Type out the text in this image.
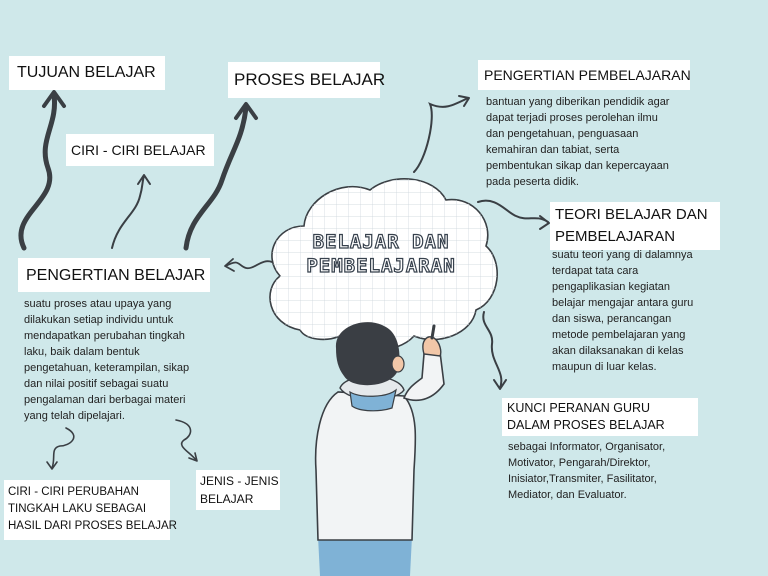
BELAJAR DAN
PEMBELAJARAN
TUJUAN BELAJAR	PROSES BELAJAR
CIRI - CIRI BELAJAR
PENGERTIAN BELAJAR
suatu proses atau upaya yang
dilakukan setiap individu untuk
mendapatkan perubahan tingkah
laku, baik dalam bentuk
pengetahuan, keterampilan, sikap
dan nilai positif sebagai suatu
pengalaman dari berbagai materi
yang telah dipelajari.
CIRI - CIRI PERUBAHAN
TINGKAH LAKU SEBAGAI
HASIL DARI PROSES BELAJAR
JENIS - JENIS
BELAJAR
PENGERTIAN PEMBELAJARAN
bantuan yang diberikan pendidik agar
dapat terjadi proses perolehan ilmu
dan pengetahuan, penguasaan
kemahiran dan tabiat, serta
pembentukan sikap dan kepercayaan
pada peserta didik.
TEORI BELAJAR DAN
PEMBELAJARAN
suatu teori yang di dalamnya
terdapat tata cara
pengaplikasian kegiatan
belajar mengajar antara guru
dan siswa, perancangan
metode pembelajaran yang
akan dilaksanakan di kelas
maupun di luar kelas.
KUNCI PERANAN GURU
DALAM PROSES BELAJAR
sebagai Informator, Organisator,
Motivator, Pengarah/Direktor,
Inisiator,Transmiter, Fasilitator,
Mediator, dan Evaluator.
